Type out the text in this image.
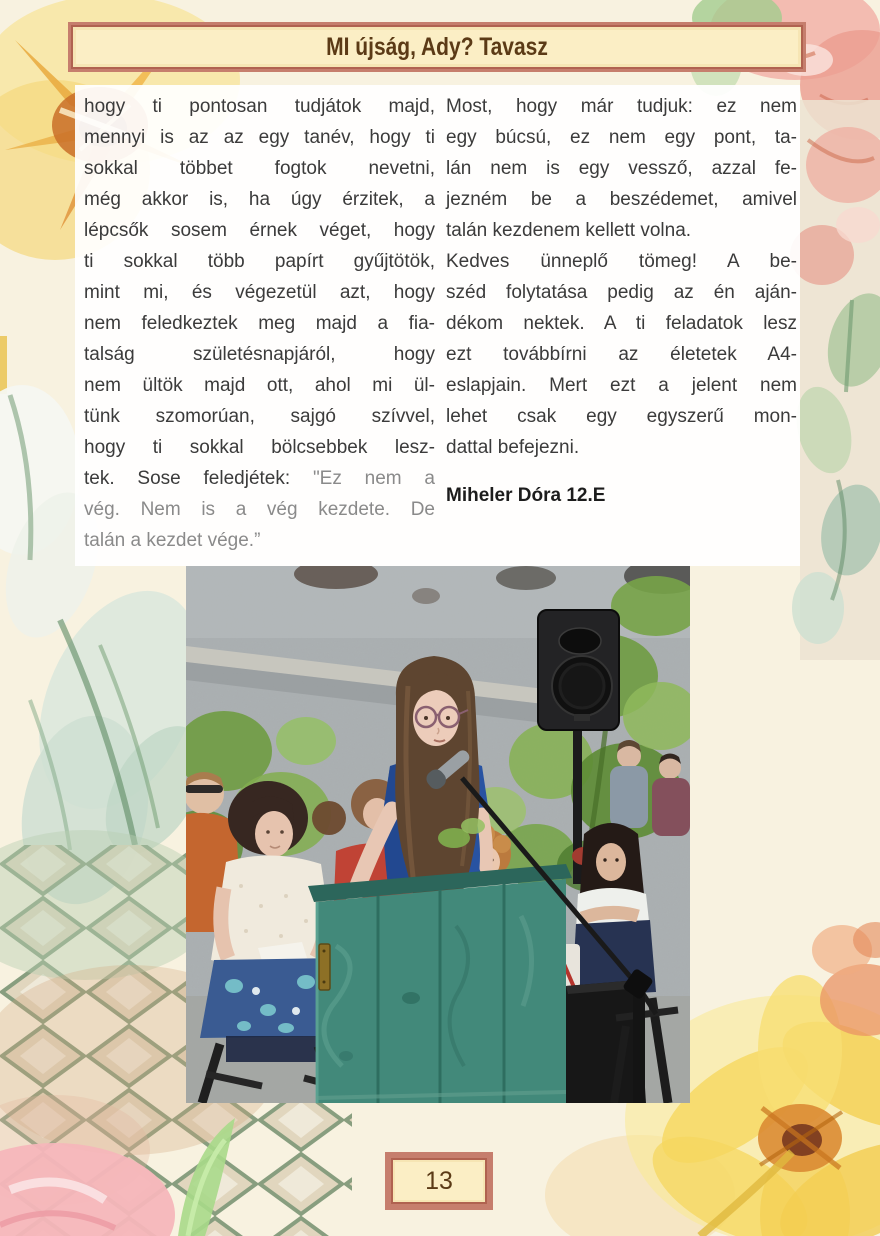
MI újság, Ady? Tavasz
hogy ti pontosan tudjátok majd,
mennyi is az az egy tanév, hogy ti
sokkal többet fogtok nevetni,
még akkor is, ha úgy érzitek, a
lépcsők sosem érnek véget, hogy
ti sokkal több papírt gyűjtötök,
mint mi, és végezetül azt, hogy
nem feledkeztek meg majd a fia-
talság születésnapjáról, hogy
nem ültök majd ott, ahol mi ül-
tünk szomorúan, sajgó szívvel,
hogy ti sokkal bölcsebbek lesz-
tek. Sose feledjétek: "Ez nem a
vég. Nem is a vég kezdete. De
talán a kezdet vége.”
Most, hogy már tudjuk: ez nem
egy búcsú, ez nem egy pont, ta-
lán nem is egy vessző, azzal fe-
jezném be a beszédemet, amivel
talán kezdenem kellett volna.
Kedves ünneplő tömeg! A be-
széd folytatása pedig az én aján-
dékom nektek. A ti feladatok lesz
ezt továbbírni az életetek A4-
eslapjain. Mert ezt a jelent nem
lehet csak egy egyszerű mon-
dattal befejezni.
Miheler Dóra 12.E
13
